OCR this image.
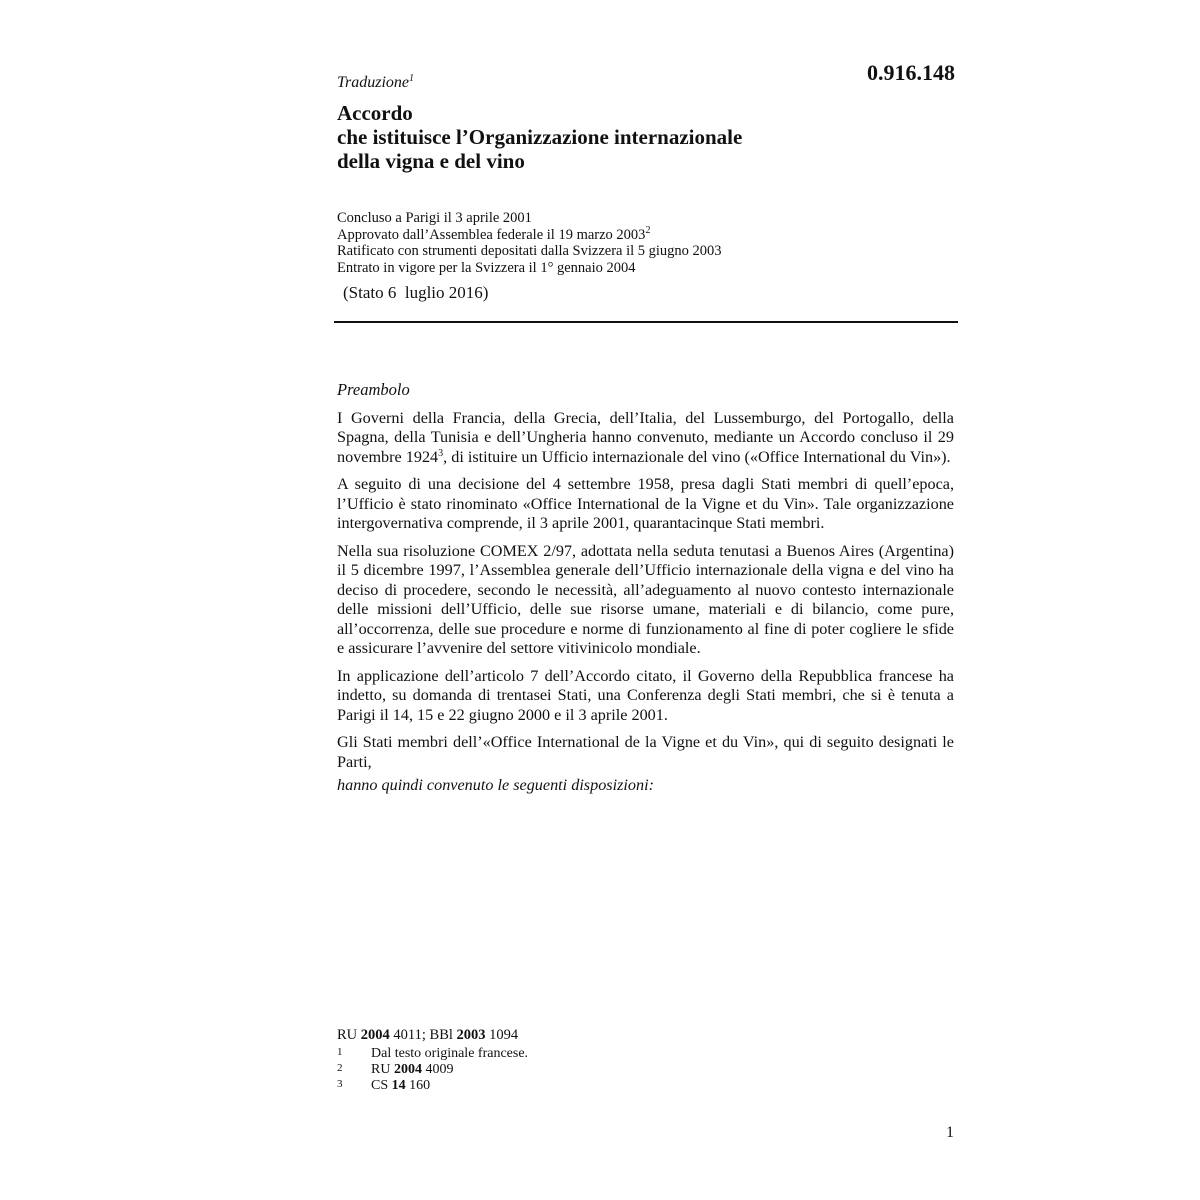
0.916.148
Traduzione$^1$
Accordo
che istituisce l’Organizzazione internazionale
della vigna e del vino
Concluso a Parigi il 3 aprile 2001
Approvato dall’Assemblea federale il 19 marzo 2003$^2$
Ratificato con strumenti depositati dalla Svizzera il 5 giugno 2003
Entrato in vigore per la Svizzera il 1° gennaio 2004
(Stato 6  luglio 2016)

Preambolo

I Governi della Francia, della Grecia, dell’Italia, del Lussemburgo, del Portogallo, della Spagna, della Tunisia e dell’Ungheria hanno convenuto, mediante un Accordo concluso il 29 novembre 1924$^3$, di istituire un Ufficio internazionale del vino («Office International du Vin»).

A seguito di una decisione del 4 settembre 1958, presa dagli Stati membri di quell’epoca, l’Ufficio è stato rinominato «Office International de la Vigne et du Vin». Tale organizzazione intergovernativa comprende, il 3 aprile 2001, quarantacinque Stati membri.

Nella sua risoluzione COMEX 2/97, adottata nella seduta tenutasi a Buenos Aires (Argentina) il 5 dicembre 1997, l’Assemblea generale dell’Ufficio internazionale della vigna e del vino ha deciso di procedere, secondo le necessità, all’adeguamento al nuovo contesto internazionale delle missioni dell’Ufficio, delle sue risorse umane, materiali e di bilancio, come pure, all’occorrenza, delle sue procedure e norme di funzionamento al fine di poter cogliere le sfide e assicurare l’avvenire del settore vitivinicolo mondiale.

In applicazione dell’articolo 7 dell’Accordo citato, il Governo della Repubblica francese ha indetto, su domanda di trentasei Stati, una Conferenza degli Stati membri, che si è tenuta a Parigi il 14, 15 e 22 giugno 2000 e il 3 aprile 2001.

Gli Stati membri dell’«Office International de la Vigne et du Vin», qui di seguito designati le Parti,

hanno quindi convenuto le seguenti disposizioni:

RU 2004 4011; BBl 2003 1094
1	Dal testo originale francese.
2	RU 2004 4009
3	CS 14 160
1
